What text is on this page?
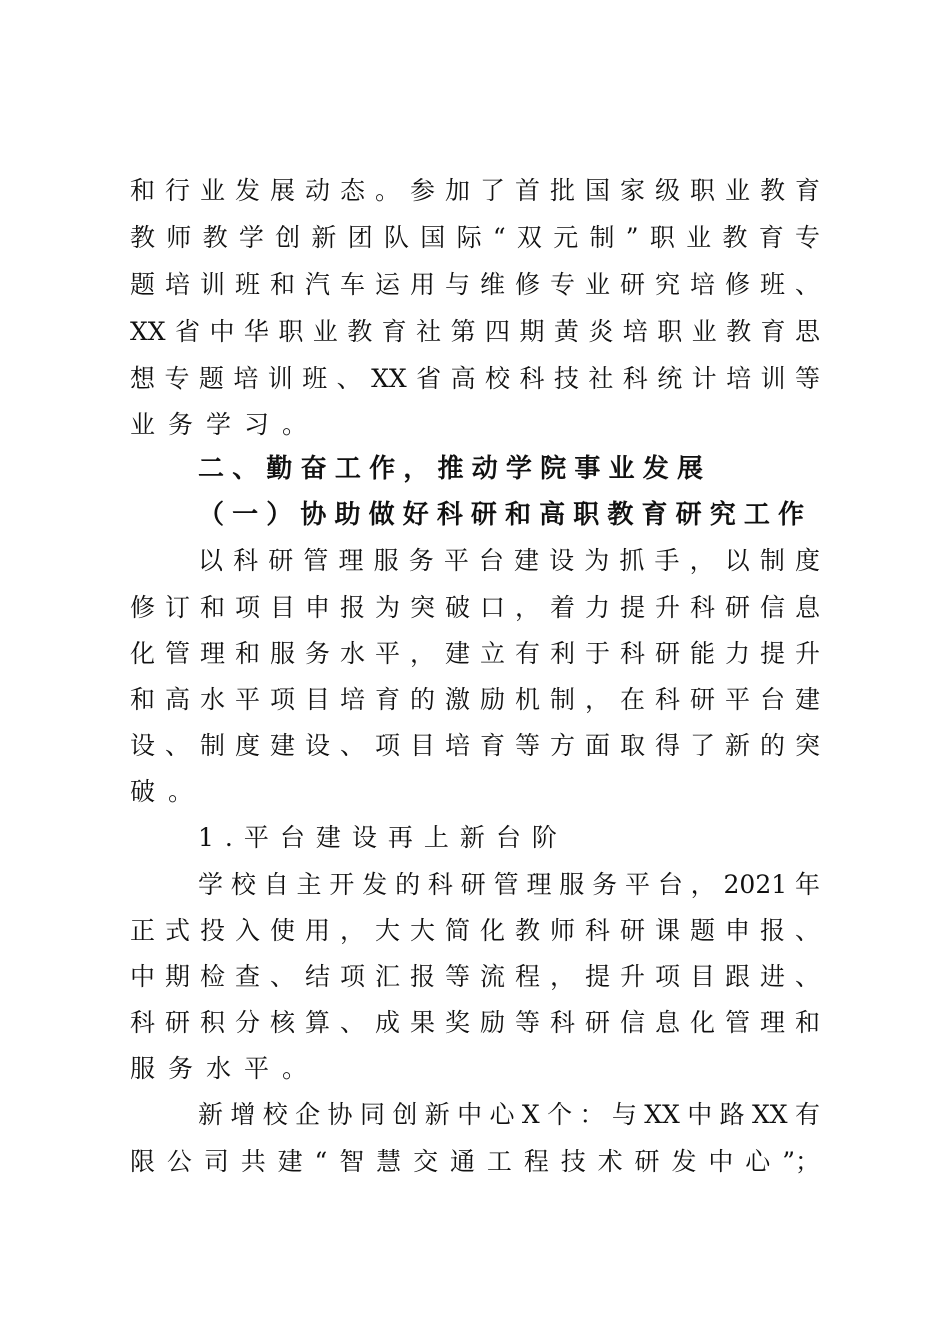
和行业发展动态。参加了首批国家级职业教育
教师教学创新团队国际“双元制”职业教育专
题培训班和汽车运用与维修专业研究培修班、
XX省中华职业教育社第四期黄炎培职业教育思
想专题培训班、XX省高校科技社科统计培训等
业务学习。
二、勤奋工作，推动学院事业发展
（一）协助做好科研和高职教育研究工作
以科研管理服务平台建设为抓手，以制度
修订和项目申报为突破口，着力提升科研信息
化管理和服务水平，建立有利于科研能力提升
和高水平项目培育的激励机制，在科研平台建
设、制度建设、项目培育等方面取得了新的突
破。
1.平台建设再上新台阶
学校自主开发的科研管理服务平台，2021年
正式投入使用，大大简化教师科研课题申报、
中期检查、结项汇报等流程，提升项目跟进、
科研积分核算、成果奖励等科研信息化管理和
服务水平。
新增校企协同创新中心X个：与XX中路XX有
限公司共建“智慧交通工程技术研发中心”；
